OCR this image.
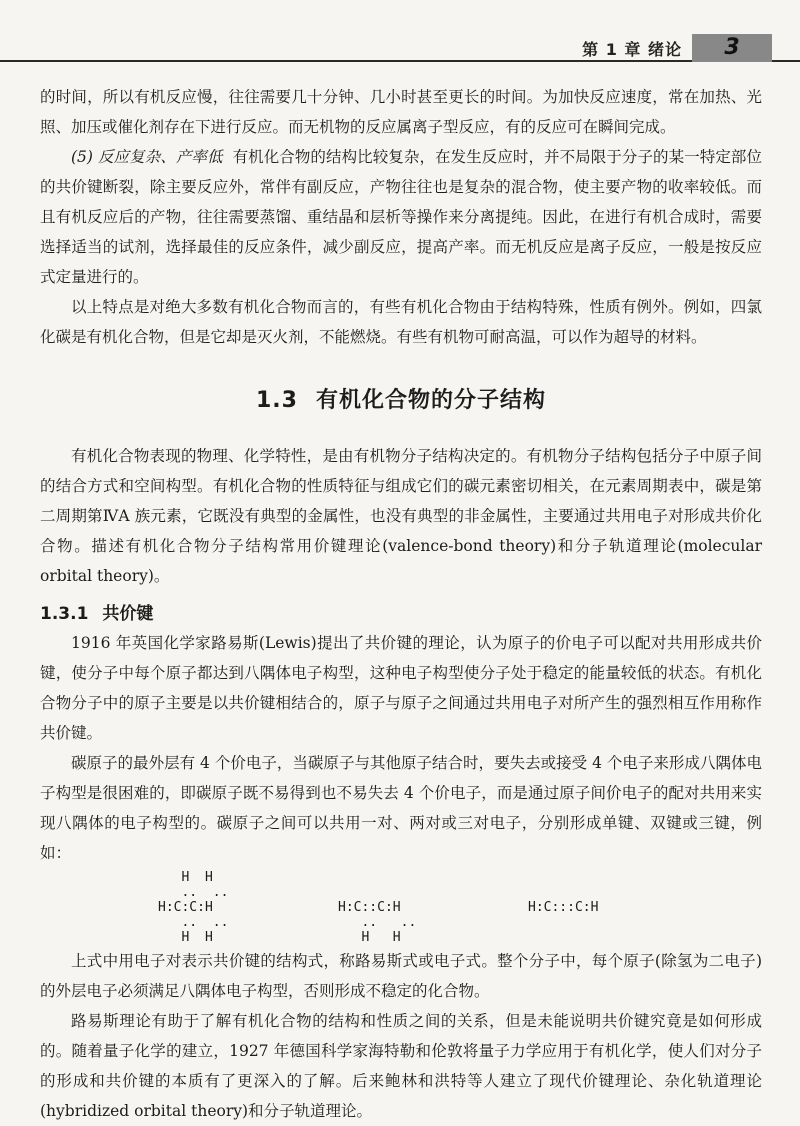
第 1 章 绪论	3

的时间，所以有机反应慢，往往需要几十分钟、几小时甚至更长的时间。为加快反应速度，常在加热、光照、加压或催化剂存在下进行反应。而无机物的反应属离子型反应，有的反应可在瞬间完成。

(5) 反应复杂、产率低 有机化合物的结构比较复杂，在发生反应时，并不局限于分子的某一特定部位的共价键断裂，除主要反应外，常伴有副反应，产物往往也是复杂的混合物，使主要产物的收率较低。而且有机反应后的产物，往往需要蒸馏、重结晶和层析等操作来分离提纯。因此，在进行有机合成时，需要选择适当的试剂，选择最佳的反应条件，减少副反应，提高产率。而无机反应是离子反应，一般是按反应式定量进行的。

以上特点是对绝大多数有机化合物而言的，有些有机化合物由于结构特殊，性质有例外。例如，四氯化碳是有机化合物，但是它却是灭火剂，不能燃烧。有些有机物可耐高温，可以作为超导的材料。

1.3 有机化合物的分子结构

有机化合物表现的物理、化学特性，是由有机物分子结构决定的。有机物分子结构包括分子中原子间的结合方式和空间构型。有机化合物的性质特征与组成它们的碳元素密切相关，在元素周期表中，碳是第二周期第ⅣA 族元素，它既没有典型的金属性，也没有典型的非金属性，主要通过共用电子对形成共价化合物。描述有机化合物分子结构常用价键理论(valence-bond theory)和分子轨道理论(molecular orbital theory)。

1.3.1 共价键

1916 年英国化学家路易斯(Lewis)提出了共价键的理论，认为原子的价电子可以配对共用形成共价键，使分子中每个原子都达到八隅体电子构型，这种电子构型使分子处于稳定的能量较低的状态。有机化合物分子中的原子主要是以共价键相结合的，原子与原子之间通过共用电子对所产生的强烈相互作用称作共价键。

碳原子的最外层有 4 个价电子，当碳原子与其他原子结合时，要失去或接受 4 个电子来形成八隅体电子构型是很困难的，即碳原子既不易得到也不易失去 4 个价电子，而是通过原子间价电子的配对共用来实现八隅体的电子构型的。碳原子之间可以共用一对、两对或三对电子，分别形成单键、双键或三键，例如：

H  H
..  ..
H:C:C:H
..  ..
H  H

H:C::C:H
..   ..
H   H

H:C:::C:H

上式中用电子对表示共价键的结构式，称路易斯式或电子式。整个分子中，每个原子(除氢为二电子)的外层电子必须满足八隅体电子构型，否则形成不稳定的化合物。

路易斯理论有助于了解有机化合物的结构和性质之间的关系，但是未能说明共价键究竟是如何形成的。随着量子化学的建立，1927 年德国科学家海特勒和伦敦将量子力学应用于有机化学，使人们对分子的形成和共价键的本质有了更深入的了解。后来鲍林和洪特等人建立了现代价键理论、杂化轨道理论(hybridized orbital theory)和分子轨道理论。
